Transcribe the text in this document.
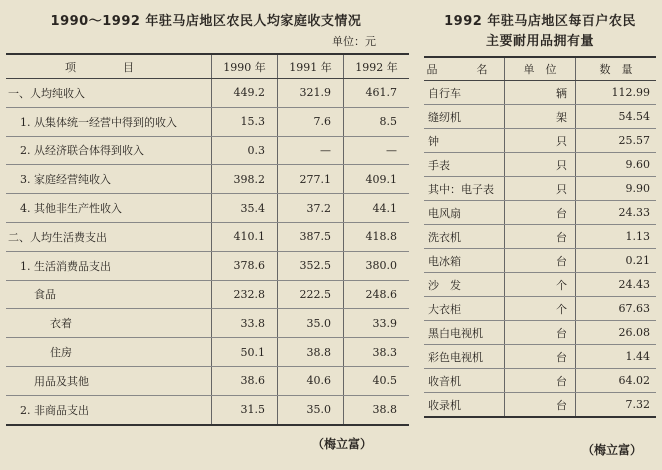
1990～1992 年驻马店地区农民人均家庭收支情况
单位：元
项　目	1990 年	1991 年	1992 年
一、人均纯收入	449.2	321.9	461.7
1. 从集体统一经营中得到的收入	15.3	7.6	8.5
2. 从经济联合体得到收入	0.3	—	—
3. 家庭经营纯收入	398.2	277.1	409.1
4. 其他非生产性收入	35.4	37.2	44.1
二、人均生活费支出	410.1	387.5	418.8
1. 生活消费品支出	378.6	352.5	380.0
食品	232.8	222.5	248.6
衣着	33.8	35.0	33.9
住房	50.1	38.8	38.3
用品及其他	38.6	40.6	40.5
2. 非商品支出	31.5	35.0	38.8
（梅立富）
1992 年驻马店地区每百户农民
主要耐用品拥有量
品　名	单　位	数　量
自行车	辆	112.99
缝纫机	架	54.54
钟	只	25.57
手表	只	9.60
其中：电子表	只	9.90
电风扇	台	24.33
洗衣机	台	1.13
电冰箱	台	0.21
沙　发	个	24.43
大衣柜	个	67.63
黑白电视机	台	26.08
彩色电视机	台	1.44
收音机	台	64.02
收录机	台	7.32
（梅立富）
